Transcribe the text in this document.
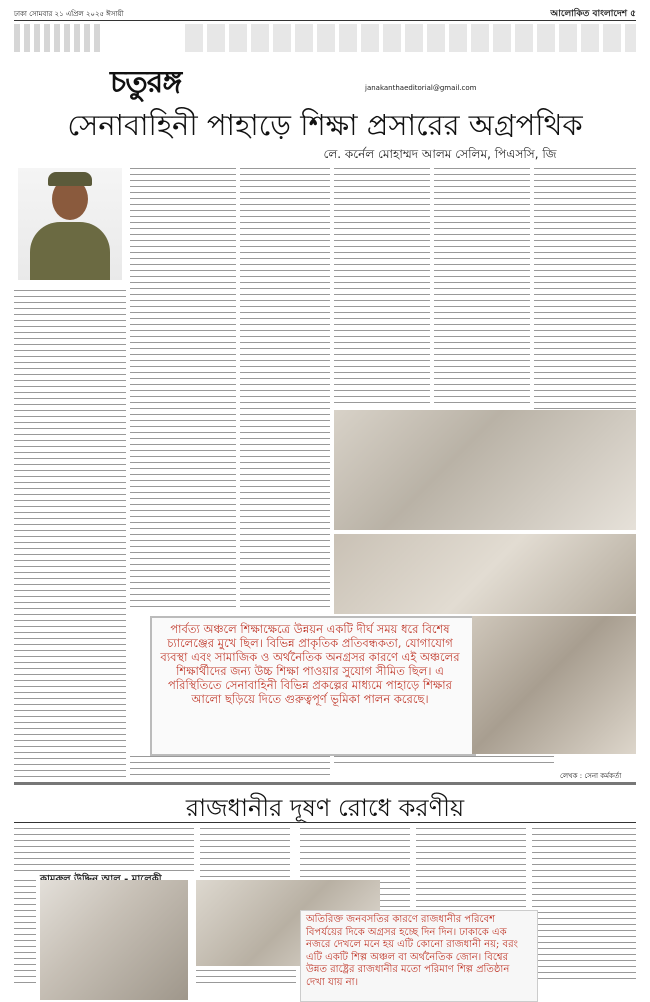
ঢাকা সোমবার ২১ এপ্রিল ২০২৫ ঈসায়ী	আলোকিত বাংলাদেশ ৫
চতুরঙ্গ	janakanthaeditorial@gmail.com
সেনাবাহিনী পাহাড়ে শিক্ষা প্রসারের অগ্রপথিক
লে. কর্নেল মোহাম্মদ আলম সেলিম, পিএসসি, জি
পার্বত্য অঞ্চলে শিক্ষাক্ষেত্রে উন্নয়ন একটি দীর্ঘ সময় ধরে বিশেষ চ্যালেঞ্জের মুখে ছিল। বিভিন্ন প্রাকৃতিক প্রতিবন্ধকতা, যোগাযোগ ব্যবস্থা এবং সামাজিক ও অর্থনৈতিক অনগ্রসর কারণে এই অঞ্চলের শিক্ষার্থীদের জন্য উচ্চ শিক্ষা পাওয়ার সুযোগ সীমিত ছিল। এ পরিস্থিতিতে সেনাবাহিনী বিভিন্ন প্রকল্পের মাধ্যমে পাহাড়ে শিক্ষার আলো ছড়িয়ে দিতে গুরুত্বপূর্ণ ভূমিকা পালন করেছে।
লেখক : সেনা কর্মকর্তা
রাজধানীর দূষণ রোধে করণীয়
অতিরিক্ত জনবসতির কারণে রাজধানীর পরিবেশ বিপর্যয়ের দিকে অগ্রসর হচ্ছে দিন দিন। ঢাকাকে এক নজরে দেখলে মনে হয় এটি কোনো রাজধানী নয়; বরং এটি একটি শিল্প অঞ্চল বা অর্থনৈতিক জোন। বিশ্বের উন্নত রাষ্ট্রের রাজধানীর মতো পরিমাণ শিল্প প্রতিষ্ঠান দেখা যায় না।
